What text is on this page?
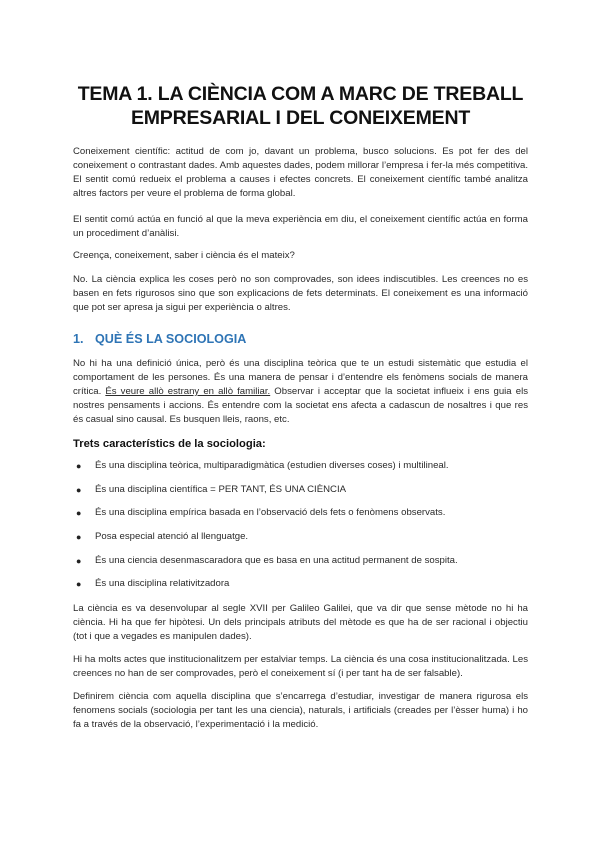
TEMA 1. LA CIÈNCIA COM A MARC DE TREBALL
EMPRESARIAL I DEL CONEIXEMENT

Coneixement científic: actitud de com jo, davant un problema, busco solucions. Es pot fer des del coneixement o contrastant dades. Amb aquestes dades, podem millorar l’empresa i fer-la més competitiva. El sentit comú redueix el problema a causes i efectes concrets. El coneixement científic també analitza altres factors per veure el problema de forma global.

El sentit comú actúa en funció al que la meva experiència em diu, el coneixement científic actúa en forma un procediment d’anàlisi.

Creença, coneixement, saber i ciència és el mateix?

No. La ciència explica les coses però no son comprovades, son idees indiscutibles. Les creences no es basen en fets rigurosos sino que son explicacions de fets determinats. El coneixement es una informació que pot ser apresa ja sigui per experiència o altres.

1. QUÈ ÉS LA SOCIOLOGIA

No hi ha una definició única, però és una disciplina teòrica que te un estudi sistemàtic que estudia el comportament de les persones. És una manera de pensar i d’entendre els fenòmens socials de manera crítica. És veure allò estrany en allò familiar. Observar i acceptar que la societat influeix i ens guia els nostres pensaments i accions. És entendre com la societat ens afecta a cadascun de nosaltres i que res és casual sino causal. Es busquen lleis, raons, etc.

Trets característics de la sociologia:
● És una disciplina teòrica, multiparadigmàtica (estudien diverses coses) i multilineal.
● És una disciplina científica = PER TANT, ÉS UNA CIÈNCIA
● És una disciplina empírica basada en l’observació dels fets o fenòmens observats.
● Posa especial atenció al llenguatge.
● És una ciencia desenmascaradora que es basa en una actitud permanent de sospita.
● És una disciplina relativitzadora

La ciència es va desenvolupar al segle XVII per Galileo Galilei, que va dir que sense mètode no hi ha ciència. Hi ha que fer hipòtesi. Un dels principals atributs del mètode es que ha de ser racional i objectiu (tot i que a vegades es manipulen dades).

Hi ha molts actes que institucionalitzem per estalviar temps. La ciència és una cosa institucionalitzada. Les creences no han de ser comprovades, però el coneixement sí (i per tant ha de ser falsable).

Definirem ciència com aquella disciplina que s’encarrega d’estudiar, investigar de manera rigurosa els fenomens socials (sociologia per tant les una ciencia), naturals, i artificials (creades per l’èsser huma) i ho fa a través de la observació, l’experimentació i la medició.
